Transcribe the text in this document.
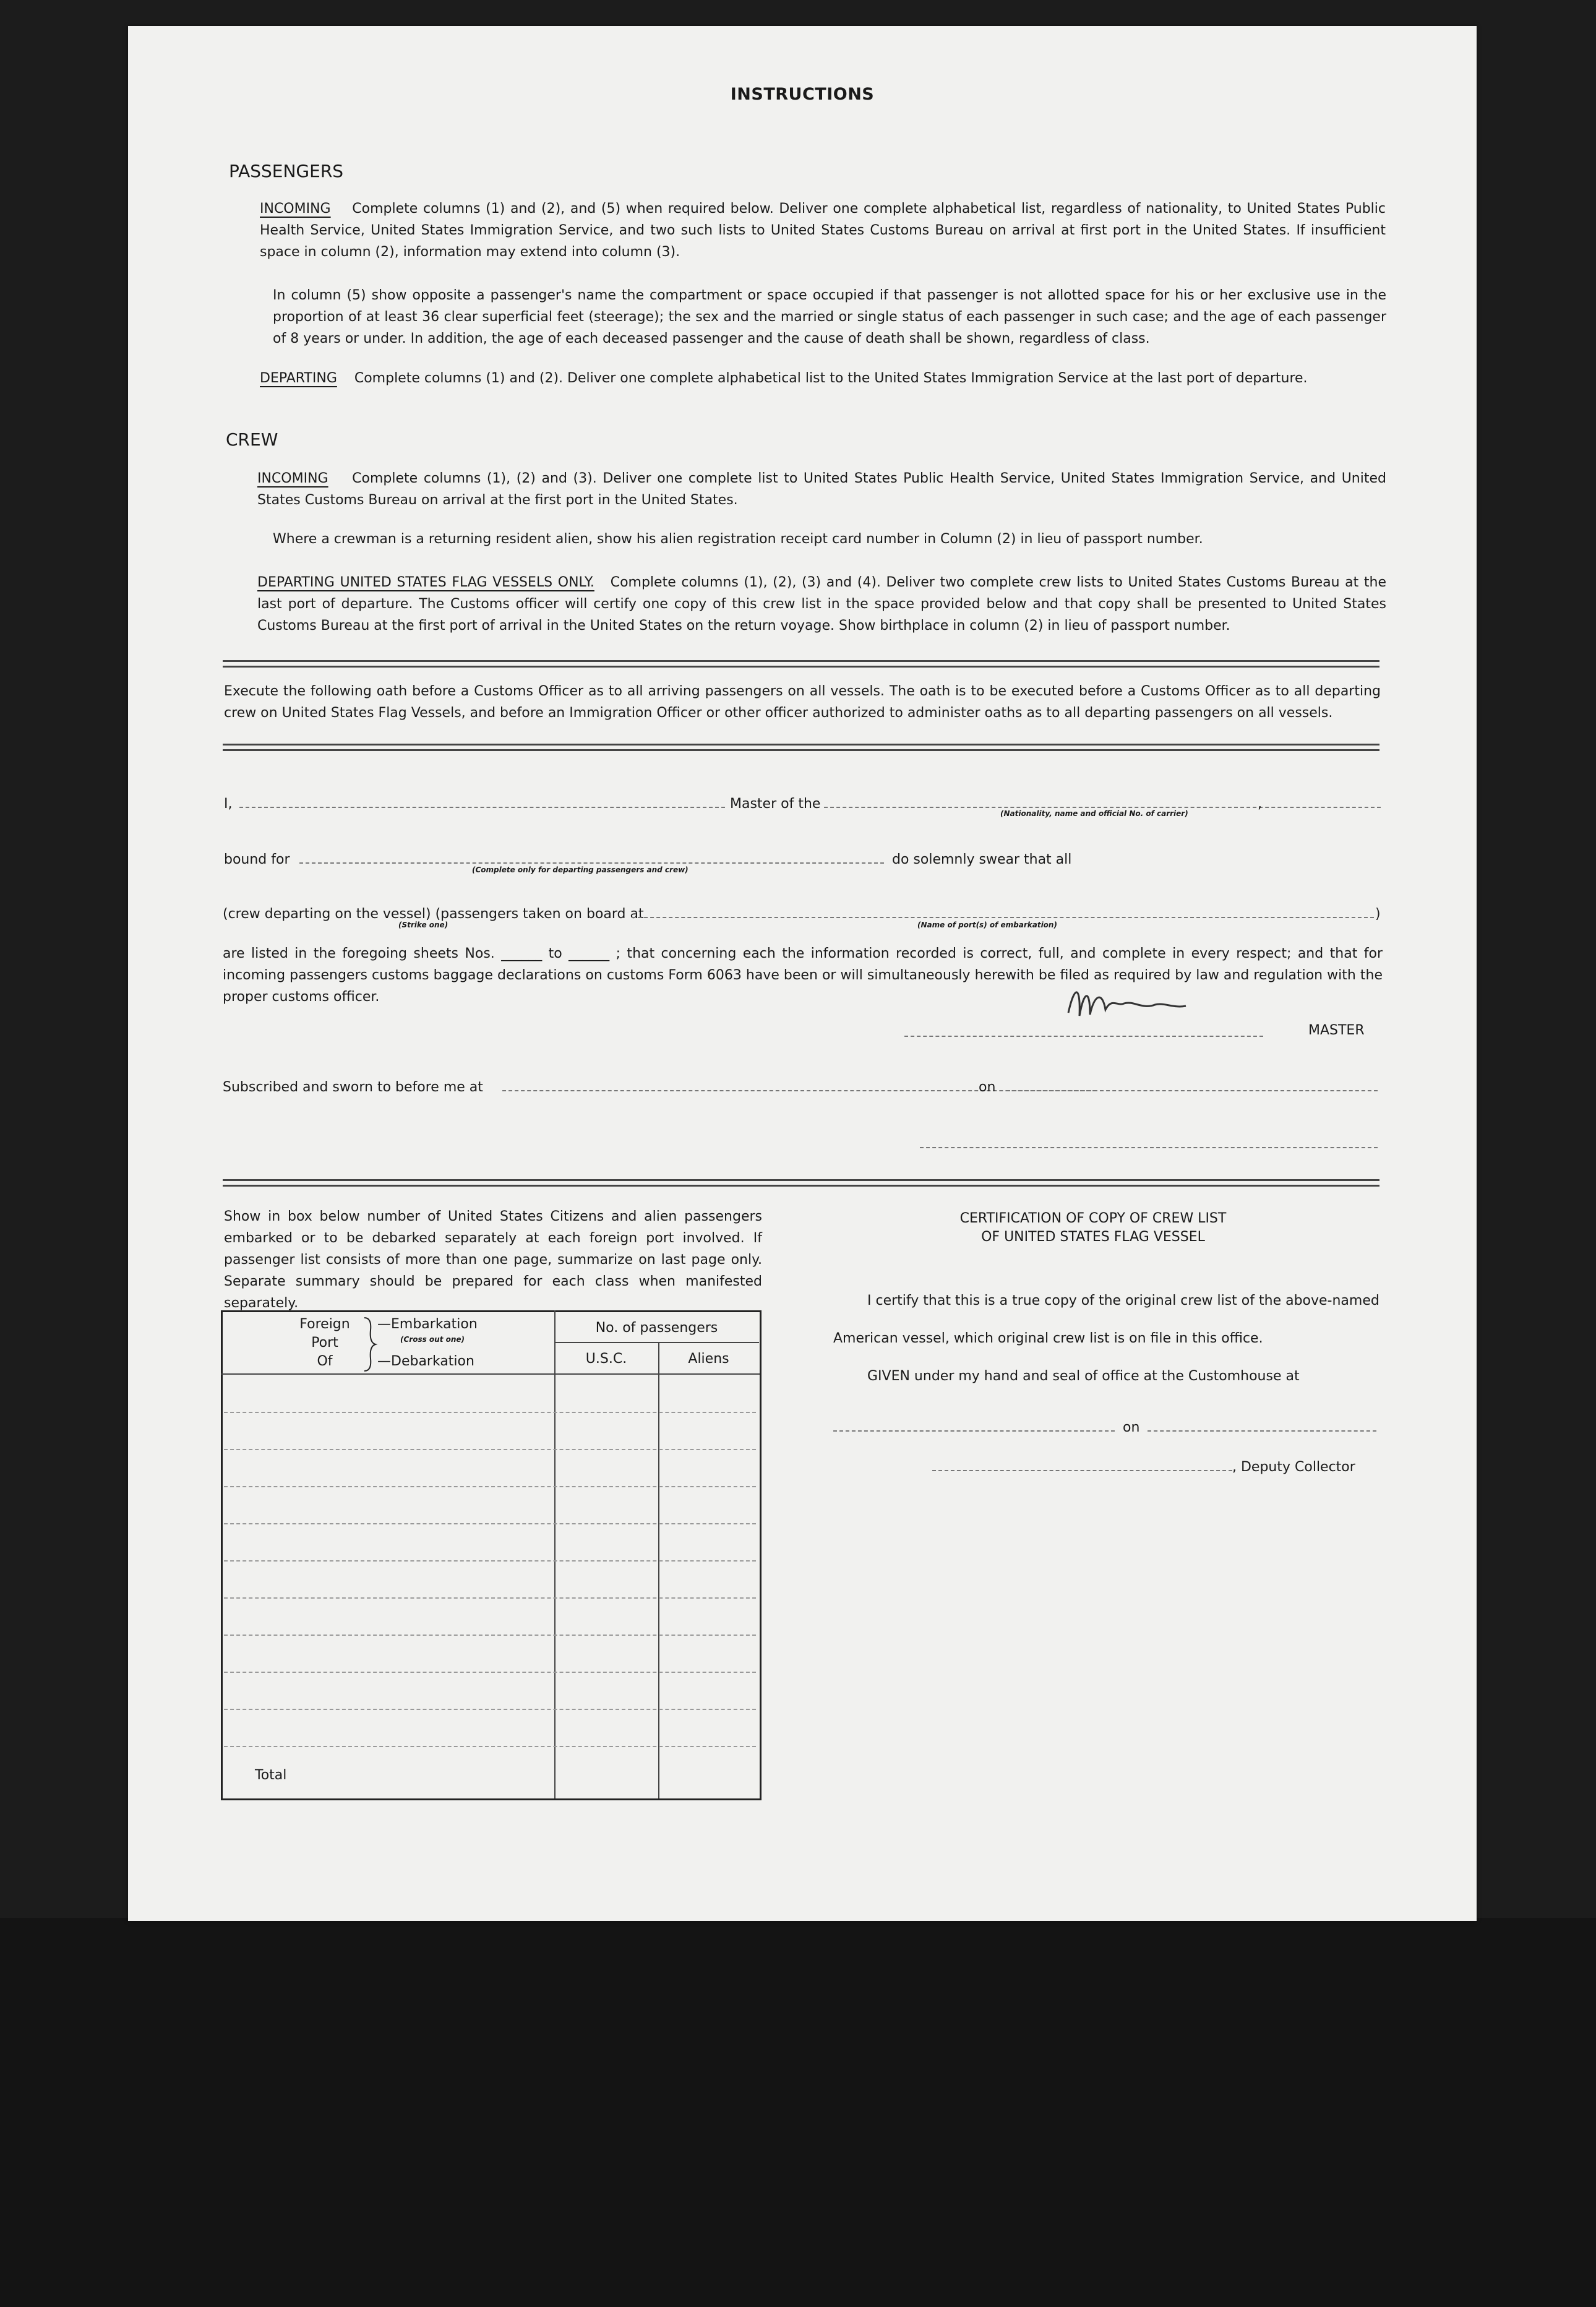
INSTRUCTIONS
PASSENGERS
INCOMING Complete columns (1) and (2), and (5) when required below. Deliver one complete alphabetical list, regardless of nationality, to United States Public Health Service, United States Immigration Service, and two such lists to United States Customs Bureau on arrival at first port in the United States. If insufficient space in column (2), information may extend into column (3).
In column (5) show opposite a passenger's name the compartment or space occupied if that passenger is not allotted space for his or her exclusive use in the proportion of at least 36 clear superficial feet (steerage); the sex and the married or single status of each passenger in such case; and the age of each passenger of 8 years or under. In addition, the age of each deceased passenger and the cause of death shall be shown, regardless of class.
DEPARTING Complete columns (1) and (2). Deliver one complete alphabetical list to the United States Immigration Service at the last port of departure.
CREW
INCOMING Complete columns (1), (2) and (3). Deliver one complete list to United States Public Health Service, United States Immigration Service, and United States Customs Bureau on arrival at the first port in the United States.
Where a crewman is a returning resident alien, show his alien registration receipt card number in Column (2) in lieu of passport number.
DEPARTING UNITED STATES FLAG VESSELS ONLY. Complete columns (1), (2), (3) and (4). Deliver two complete crew lists to United States Customs Bureau at the last port of departure. The Customs officer will certify one copy of this crew list in the space provided below and that copy shall be presented to United States Customs Bureau at the first port of arrival in the United States on the return voyage. Show birthplace in column (2) in lieu of passport number.
Execute the following oath before a Customs Officer as to all arriving passengers on all vessels. The oath is to be executed before a Customs Officer as to all departing crew on United States Flag Vessels, and before an Immigration Officer or other officer authorized to administer oaths as to all departing passengers on all vessels.
I,	Master of the	,
(Nationality, name and official No. of carrier)
bound for
(Complete only for departing passengers and crew)
do solemnly swear that all
(crew departing on the vessel) (passengers taken on board at	)
(Strike one)	(Name of port(s) of embarkation)
are listed in the foregoing sheets Nos. ______ to ______ ; that concerning each the information recorded is correct, full, and complete in every respect; and that for incoming passengers customs baggage declarations on customs Form 6063 have been or will simultaneously herewith be filed as required by law and regulation with the proper customs officer.
MASTER
Subscribed and sworn to before me at	on
Show in box below number of United States Citizens and alien passengers embarked or to be debarked separately at each foreign port involved. If passenger list consists of more than one page, summarize on last page only. Separate summary should be prepared for each class when manifested separately.
Foreign
Port
Of
—Embarkation
(Cross out one)
—Debarkation
No. of passengers
U.S.C.	Aliens
Total
CERTIFICATION OF COPY OF CREW LIST
OF UNITED STATES FLAG VESSEL
I certify that this is a true copy of the original crew list of the above-named
American vessel, which original crew list is on file in this office.
GIVEN under my hand and seal of office at the Customhouse at
on
, Deputy Collector
